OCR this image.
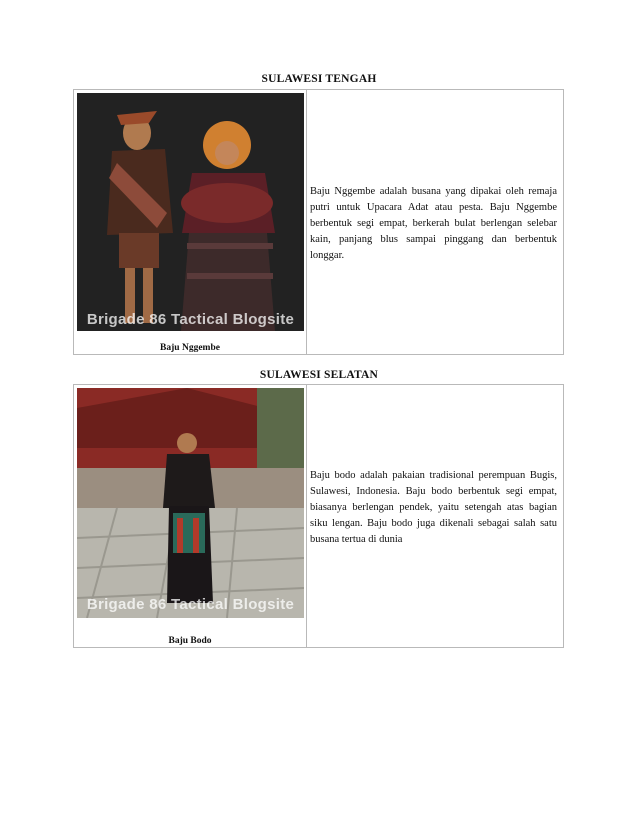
SULAWESI TENGAH
Brigade 86 Tactical Blogsite
Baju Nggembe
Baju Nggembe adalah busana yang dipakai oleh remaja putri untuk Upacara Adat atau pesta. Baju Nggembe berbentuk segi empat, berkerah bulat berlengan selebar kain, panjang blus sampai pinggang dan berbentuk longgar.
SULAWESI SELATAN
Brigade 86 Tactical Blogsite
Baju Bodo
Baju bodo adalah pakaian tradisional perempuan Bugis, Sulawesi, Indonesia. Baju bodo berbentuk segi empat, biasanya berlengan pendek, yaitu setengah atas bagian siku lengan. Baju bodo juga dikenali sebagai salah satu busana tertua di dunia
